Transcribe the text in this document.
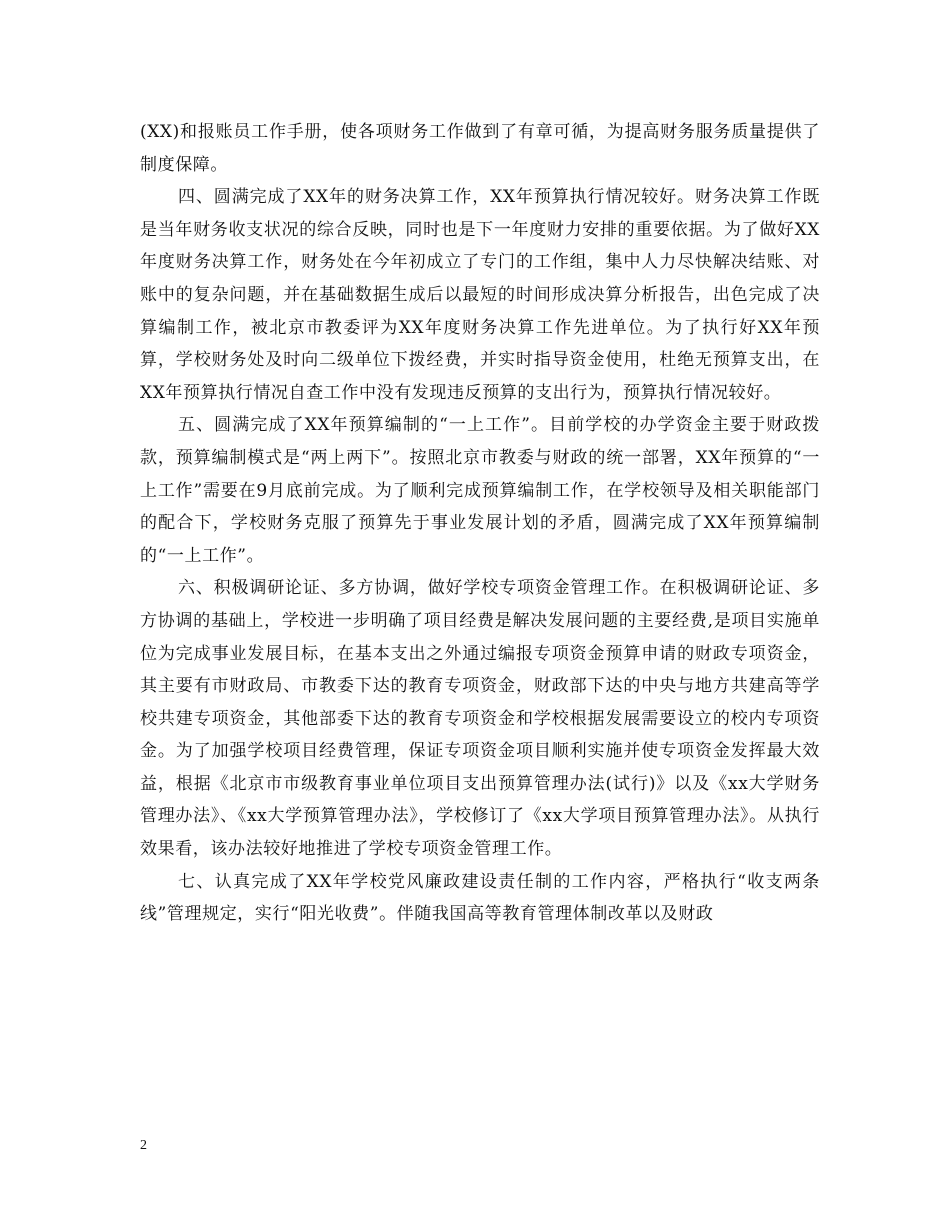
(XX)和报账员工作手册，使各项财务工作做到了有章可循，为提高财务服务质量提供了制度保障。

四、圆满完成了XX年的财务决算工作，XX年预算执行情况较好。财务决算工作既是当年财务收支状况的综合反映，同时也是下一年度财力安排的重要依据。为了做好XX年度财务决算工作，财务处在今年初成立了专门的工作组，集中人力尽快解决结账、对账中的复杂问题，并在基础数据生成后以最短的时间形成决算分析报告，出色完成了决算编制工作，被北京市教委评为XX年度财务决算工作先进单位。为了执行好XX年预算，学校财务处及时向二级单位下拨经费，并实时指导资金使用，杜绝无预算支出，在XX年预算执行情况自查工作中没有发现违反预算的支出行为，预算执行情况较好。

五、圆满完成了XX年预算编制的“一上工作”。目前学校的办学资金主要于财政拨款，预算编制模式是“两上两下”。按照北京市教委与财政的统一部署，XX年预算的“一上工作”需要在9月底前完成。为了顺利完成预算编制工作，在学校领导及相关职能部门的配合下，学校财务克服了预算先于事业发展计划的矛盾，圆满完成了XX年预算编制的“一上工作”。

六、积极调研论证、多方协调，做好学校专项资金管理工作。在积极调研论证、多方协调的基础上，学校进一步明确了项目经费是解决发展问题的主要经费,是项目实施单位为完成事业发展目标，在基本支出之外通过编报专项资金预算申请的财政专项资金，其主要有市财政局、市教委下达的教育专项资金，财政部下达的中央与地方共建高等学校共建专项资金，其他部委下达的教育专项资金和学校根据发展需要设立的校内专项资金。为了加强学校项目经费管理，保证专项资金项目顺利实施并使专项资金发挥最大效益，根据《北京市市级教育事业单位项目支出预算管理办法(试行)》以及《xx大学财务管理办法》、《xx大学预算管理办法》，学校修订了《xx大学项目预算管理办法》。从执行效果看，该办法较好地推进了学校专项资金管理工作。

七、认真完成了XX年学校党风廉政建设责任制的工作内容，严格执行“收支两条线”管理规定，实行“阳光收费”。伴随我国高等教育管理体制改革以及财政

2
